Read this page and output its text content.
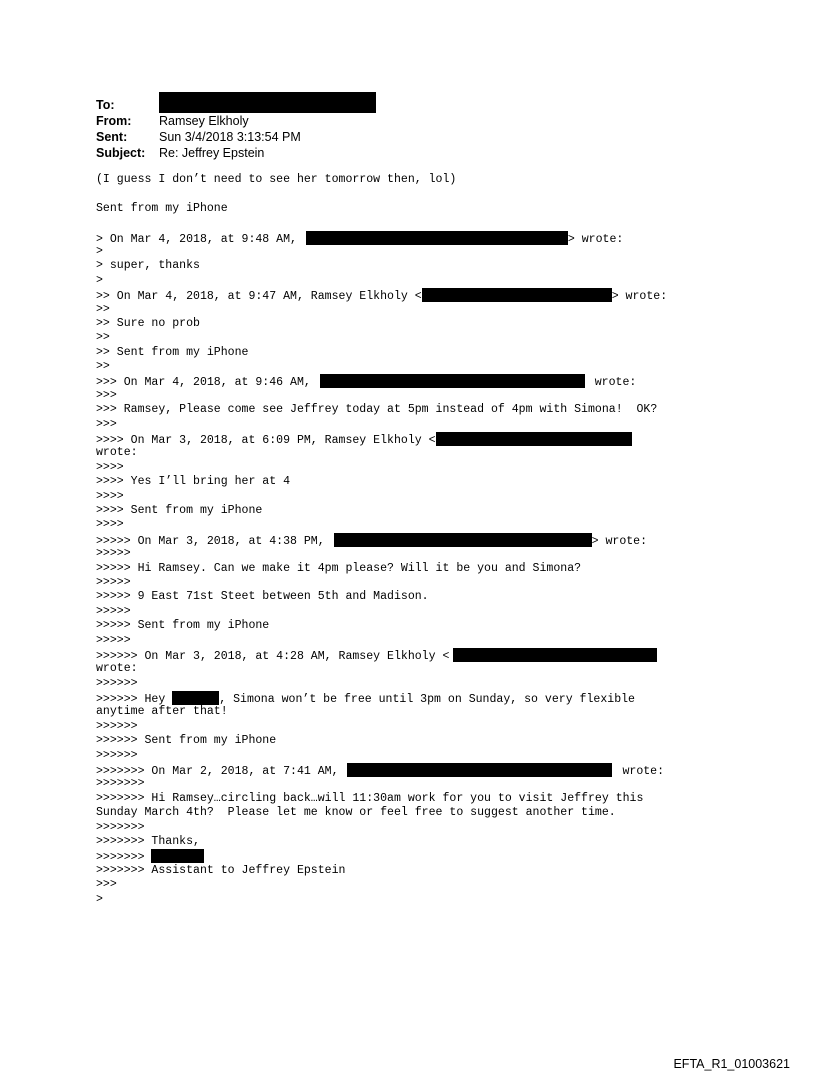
To:
From:	Ramsey Elkholy
Sent:	Sun 3/4/2018 3:13:54 PM
Subject:	Re: Jeffrey Epstein
(I guess I don’t need to see her tomorrow then, lol)
Sent from my iPhone
> On Mar 4, 2018, at 9:48 AM,	> wrote:
>
> super, thanks
>
>> On Mar 4, 2018, at 9:47 AM, Ramsey Elkholy <	> wrote:
>>
>> Sure no prob
>>
>> Sent from my iPhone
>>
>>> On Mar 4, 2018, at 9:46 AM,	wrote:
>>>
>>> Ramsey, Please come see Jeffrey today at 5pm instead of 4pm with Simona!  OK?
>>>
>>>> On Mar 3, 2018, at 6:09 PM, Ramsey Elkholy <
wrote:
>>>>
>>>> Yes I’ll bring her at 4
>>>>
>>>> Sent from my iPhone
>>>>
>>>>> On Mar 3, 2018, at 4:38 PM,	> wrote:
>>>>>
>>>>> Hi Ramsey. Can we make it 4pm please? Will it be you and Simona?
>>>>>
>>>>> 9 East 71st Steet between 5th and Madison.
>>>>>
>>>>> Sent from my iPhone
>>>>>
>>>>>> On Mar 3, 2018, at 4:28 AM, Ramsey Elkholy <
wrote:
>>>>>>
>>>>>> Hey	, Simona won’t be free until 3pm on Sunday, so very flexible
anytime after that!
>>>>>>
>>>>>> Sent from my iPhone
>>>>>>
>>>>>>> On Mar 2, 2018, at 7:41 AM,	wrote:
>>>>>>>
>>>>>>> Hi Ramsey…circling back…will 11:30am work for you to visit Jeffrey this
Sunday March 4th?  Please let me know or feel free to suggest another time.
>>>>>>>
>>>>>>> Thanks,
>>>>>>>
>>>>>>> Assistant to Jeffrey Epstein
>>>
>
EFTA_R1_01003621
